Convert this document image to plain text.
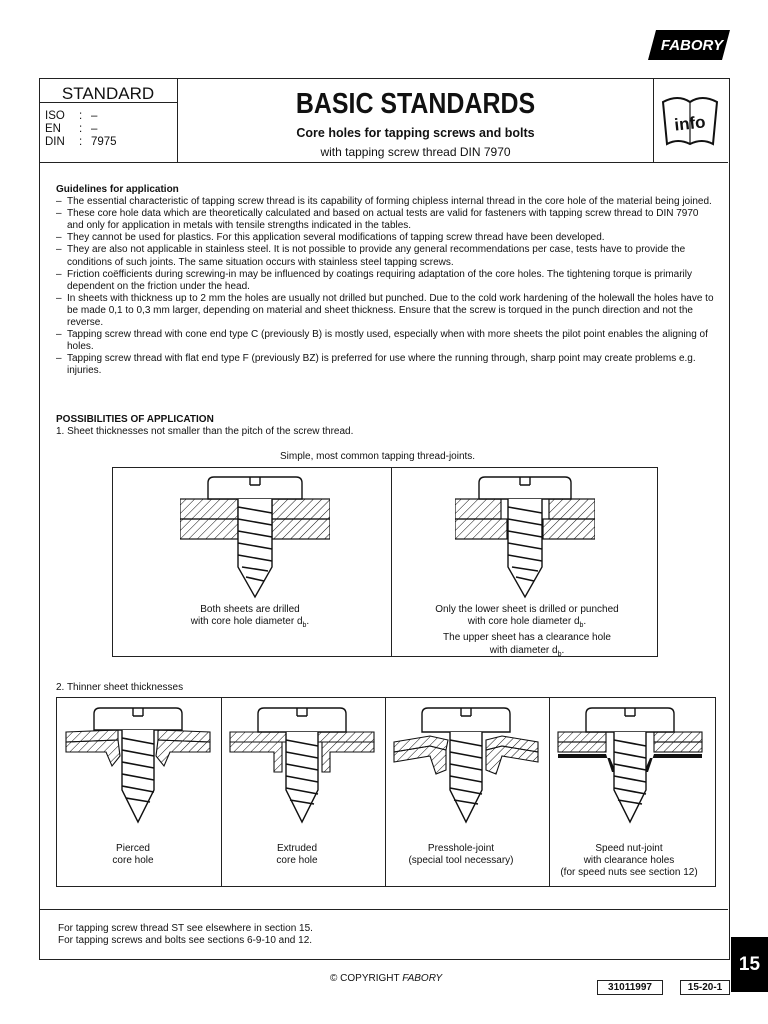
FABORY
STANDARD
ISO : –
EN : –
DIN : 7975
BASIC STANDARDS
Core holes for tapping screws and bolts
with tapping screw thread DIN 7970
info
Guidelines for application
– The essential characteristic of tapping screw thread is its capability of forming chipless internal thread in the core hole of the material being joined.
– These core hole data which are theoretically calculated and based on actual tests are valid for fasteners with tapping screw thread to DIN 7970 and only for application in metals with tensile strengths indicated in the tables.
– They cannot be used for plastics. For this application several modifications of tapping screw thread have been developed.
– They are also not applicable in stainless steel. It is not possible to provide any general recommendations per case, tests have to provide the conditions of such joints. The same situation occurs with stainless steel tapping screws.
– Friction coëfficients during screwing-in may be influenced by coatings requiring adaptation of the core holes. The tightening torque is primarily dependent on the friction under the head.
– In sheets with thickness up to 2 mm the holes are usually not drilled but punched. Due to the cold work hardening of the holewall the holes have to be made 0,1 to 0,3 mm larger, depending on material and sheet thickness. Ensure that the screw is torqued in the punch direction and not the reverse.
– Tapping screw thread with cone end type C (previously B) is mostly used, especially when with more sheets the pilot point enables the aligning of holes.
– Tapping screw thread with flat end type F (previously BZ) is preferred for use where the running through, sharp point may create problems e.g. injuries.
POSSIBILITIES OF APPLICATION
1. Sheet thicknesses not smaller than the pitch of the screw thread.
Simple, most common tapping thread-joints.
Both sheets are drilled
with core hole diameter $d_b$.
Only the lower sheet is drilled or punched
with core hole diameter $d_b$.
The upper sheet has a clearance hole
with diameter $d_b$.
2. Thinner sheet thicknesses
Pierced
core hole
Extruded
core hole
Presshole-joint
(special tool necessary)
Speed nut-joint
with clearance holes
(for speed nuts see section 12)
For tapping screw thread ST see elsewhere in section 15.
For tapping screws and bolts see sections 6-9-10 and 12.
15
© COPYRIGHT FABORY
31011997	15-20-1
